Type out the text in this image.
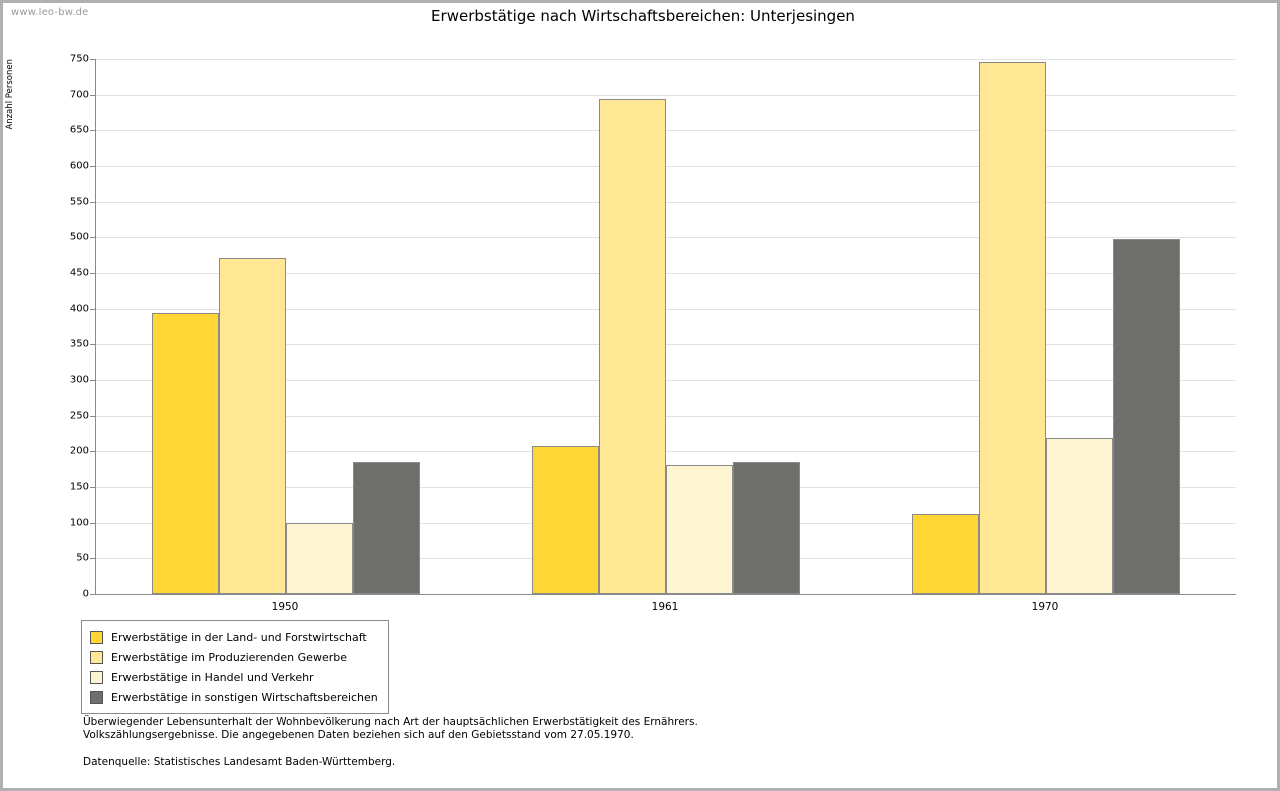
www.leo-bw.de	Erwerbstätige nach Wirtschaftsbereichen: Unterjesingen
Anzahl Personen
0
50
100
150
200
250
300
350
400
450
500
550
600
650
700
750
1950	1961	1970
Erwerbstätige in der Land- und Forstwirtschaft
Erwerbstätige im Produzierenden Gewerbe
Erwerbstätige in Handel und Verkehr
Erwerbstätige in sonstigen Wirtschaftsbereichen
Überwiegender Lebensunterhalt der Wohnbevölkerung nach Art der hauptsächlichen Erwerbstätigkeit des Ernährers.
Volkszählungsergebnisse. Die angegebenen Daten beziehen sich auf den Gebietsstand vom 27.05.1970.
Datenquelle: Statistisches Landesamt Baden-Württemberg.
